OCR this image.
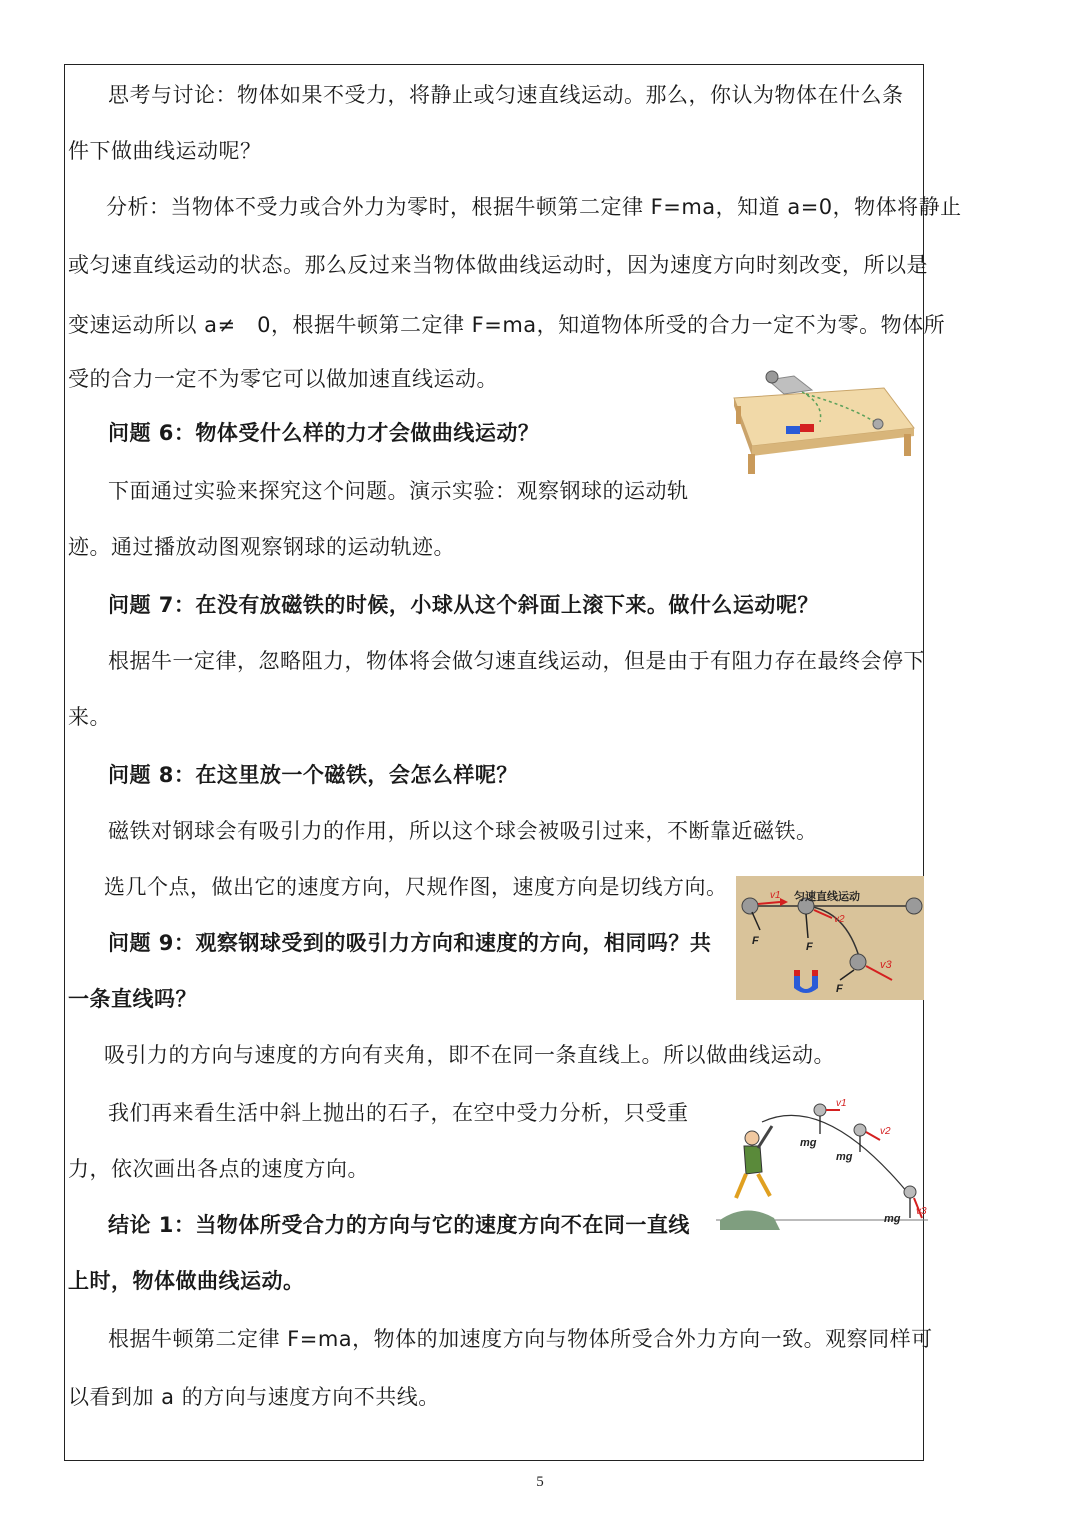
思考与讨论：物体如果不受力，将静止或匀速直线运动。那么，你认为物体在什么条
件下做曲线运动呢？
分析：当物体不受力或合外力为零时，根据牛顿第二定律 F=ma，知道 a=0，物体将静止
或匀速直线运动的状态。那么反过来当物体做曲线运动时，因为速度方向时刻改变，所以是
变速运动所以 a≠　0，根据牛顿第二定律 F=ma，知道物体所受的合力一定不为零。物体所
受的合力一定不为零它可以做加速直线运动。
问题 6：物体受什么样的力才会做曲线运动？
下面通过实验来探究这个问题。演示实验：观察钢球的运动轨
迹。通过播放动图观察钢球的运动轨迹。
问题 7：在没有放磁铁的时候，小球从这个斜面上滚下来。做什么运动呢？
根据牛一定律，忽略阻力，物体将会做匀速直线运动，但是由于有阻力存在最终会停下
来。
问题 8：在这里放一个磁铁，会怎么样呢？
磁铁对钢球会有吸引力的作用，所以这个球会被吸引过来，不断靠近磁铁。
选几个点，做出它的速度方向，尺规作图，速度方向是切线方向。
问题 9：观察钢球受到的吸引力方向和速度的方向，相同吗？共
一条直线吗？
吸引力的方向与速度的方向有夹角，即不在同一条直线上。所以做曲线运动。
我们再来看生活中斜上抛出的石子，在空中受力分析，只受重
力，依次画出各点的速度方向。
结论 1：当物体所受合力的方向与它的速度方向不在同一直线
上时，物体做曲线运动。
根据牛顿第二定律 F=ma，物体的加速度方向与物体所受合外力方向一致。观察同样可
以看到加 a 的方向与速度方向不共线。
匀速直线运动
v1
F
v2
F
v3
F
mg
v1
mg
v2
mg
v3
5
